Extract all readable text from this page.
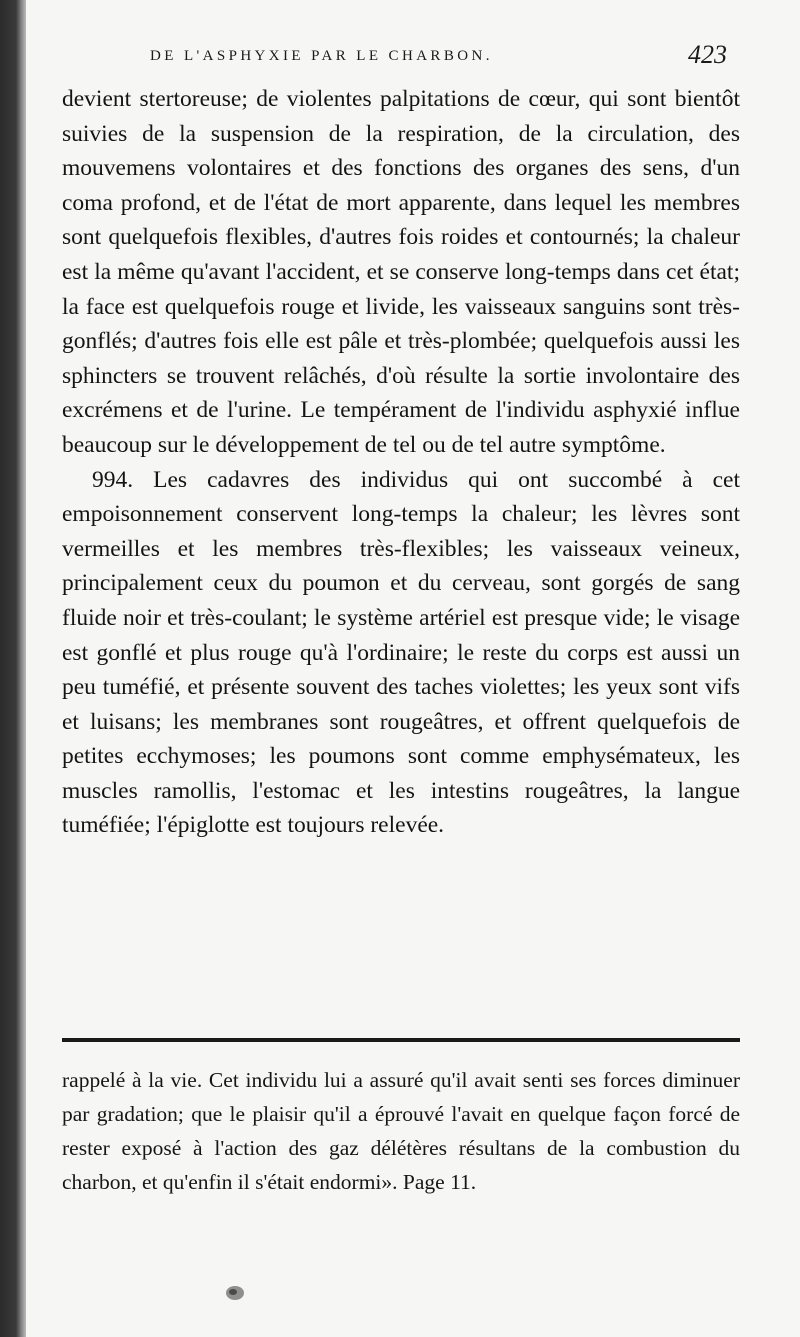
DE L'ASPHYXIE PAR LE CHARBON.	423

devient stertoreuse; de violentes palpitations de cœur, qui sont bientôt suivies de la suspension de la respiration, de la circulation, des mouvemens volontaires et des fonctions des organes des sens, d'un coma profond, et de l'état de mort apparente, dans lequel les membres sont quelquefois flexibles, d'autres fois roides et contournés; la chaleur est la même qu'avant l'accident, et se conserve long-temps dans cet état; la face est quelquefois rouge et livide, les vaisseaux sanguins sont très-gonflés; d'autres fois elle est pâle et très-plombée; quelquefois aussi les sphincters se trouvent relâchés, d'où résulte la sortie involontaire des excrémens et de l'urine. Le tempérament de l'individu asphyxié influe beaucoup sur le développement de tel ou de tel autre symptôme.

994. Les cadavres des individus qui ont succombé à cet empoisonnement conservent long-temps la chaleur; les lèvres sont vermeilles et les membres très-flexibles; les vaisseaux veineux, principalement ceux du poumon et du cerveau, sont gorgés de sang fluide noir et très-coulant; le système artériel est presque vide; le visage est gonflé et plus rouge qu'à l'ordinaire; le reste du corps est aussi un peu tuméfié, et présente souvent des taches violettes; les yeux sont vifs et luisans; les membranes sont rougeâtres, et offrent quelquefois de petites ecchymoses; les poumons sont comme emphysémateux, les muscles ramollis, l'estomac et les intestins rougeâtres, la langue tuméfiée; l'épiglotte est toujours relevée.

rappelé à la vie. Cet individu lui a assuré qu'il avait senti ses forces diminuer par gradation; que le plaisir qu'il a éprouvé l'avait en quelque façon forcé de rester exposé à l'action des gaz délétères résultans de la combustion du charbon, et qu'enfin il s'était endormi». Page 11.
